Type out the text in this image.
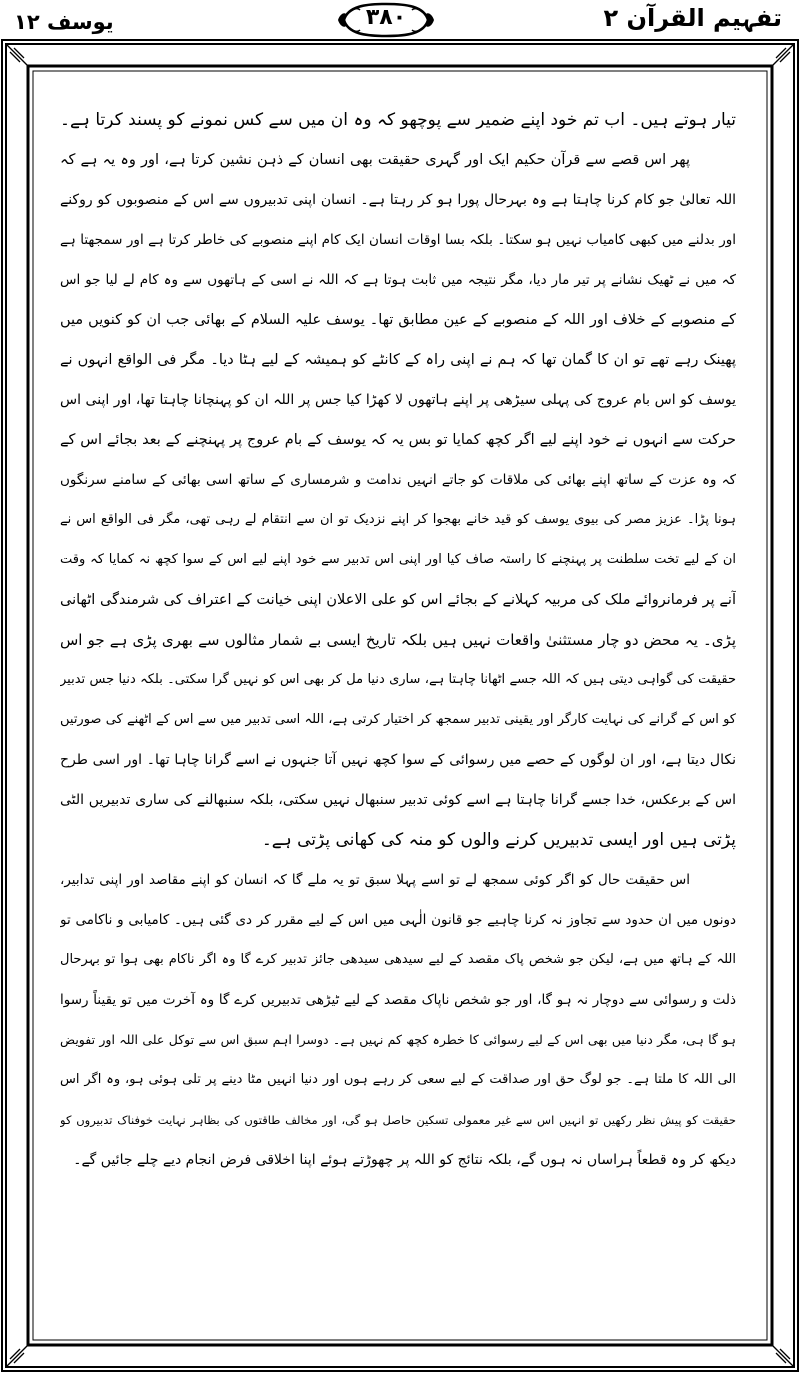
تفہیم القرآن ۲
۳۸۰
یوسف ۱۲
تیار ہوتے ہیں۔ اب تم خود اپنے ضمیر سے پوچھو کہ وہ ان میں سے کس نمونے کو پسند کرتا ہے۔
پھر اس قصے سے قرآن حکیم ایک اور گہری حقیقت بھی انسان کے ذہن نشین کرتا ہے، اور وہ یہ ہے کہ
اللہ تعالیٰ جو کام کرنا چاہتا ہے وہ بہرحال پورا ہو کر رہتا ہے۔ انسان اپنی تدبیروں سے اس کے منصوبوں کو روکنے
اور بدلنے میں کبھی کامیاب نہیں ہو سکتا۔ بلکہ بسا اوقات انسان ایک کام اپنے منصوبے کی خاطر کرتا ہے اور سمجھتا ہے
کہ میں نے ٹھیک نشانے پر تیر مار دیا، مگر نتیجہ میں ثابت ہوتا ہے کہ اللہ نے اسی کے ہاتھوں سے وہ کام لے لیا جو اس
کے منصوبے کے خلاف اور اللہ کے منصوبے کے عین مطابق تھا۔ یوسف علیہ السلام کے بھائی جب ان کو کنویں میں
پھینک رہے تھے تو ان کا گمان تھا کہ ہم نے اپنی راہ کے کانٹے کو ہمیشہ کے لیے ہٹا دیا۔ مگر فی الواقع انہوں نے
یوسف کو اس بام عروج کی پہلی سیڑھی پر اپنے ہاتھوں لا کھڑا کیا جس پر اللہ ان کو پہنچانا چاہتا تھا، اور اپنی اس
حرکت سے انہوں نے خود اپنے لیے اگر کچھ کمایا تو بس یہ کہ یوسف کے بام عروج پر پہنچنے کے بعد بجائے اس کے
کہ وہ عزت کے ساتھ اپنے بھائی کی ملاقات کو جاتے انہیں ندامت و شرمساری کے ساتھ اسی بھائی کے سامنے سرنگوں
ہونا پڑا۔ عزیز مصر کی بیوی یوسف کو قید خانے بھجوا کر اپنے نزدیک تو ان سے انتقام لے رہی تھی، مگر فی الواقع اس نے
ان کے لیے تخت سلطنت پر پہنچنے کا راستہ صاف کیا اور اپنی اس تدبیر سے خود اپنے لیے اس کے سوا کچھ نہ کمایا کہ وقت
آنے پر فرمانروائے ملک کی مربیہ کہلانے کے بجائے اس کو علی الاعلان اپنی خیانت کے اعتراف کی شرمندگی اٹھانی
پڑی۔ یہ محض دو چار مستثنیٰ واقعات نہیں ہیں بلکہ تاریخ ایسی بے شمار مثالوں سے بھری پڑی ہے جو اس
حقیقت کی گواہی دیتی ہیں کہ اللہ جسے اٹھانا چاہتا ہے، ساری دنیا مل کر بھی اس کو نہیں گرا سکتی۔ بلکہ دنیا جس تدبیر
کو اس کے گرانے کی نہایت کارگر اور یقینی تدبیر سمجھ کر اختیار کرتی ہے، اللہ اسی تدبیر میں سے اس کے اٹھنے کی صورتیں
نکال دیتا ہے، اور ان لوگوں کے حصے میں رسوائی کے سوا کچھ نہیں آتا جنہوں نے اسے گرانا چاہا تھا۔ اور اسی طرح
اس کے برعکس، خدا جسے گرانا چاہتا ہے اسے کوئی تدبیر سنبھال نہیں سکتی، بلکہ سنبھالنے کی ساری تدبیریں الٹی
پڑتی ہیں اور ایسی تدبیریں کرنے والوں کو منہ کی کھانی پڑتی ہے۔
اس حقیقت حال کو اگر کوئی سمجھ لے تو اسے پہلا سبق تو یہ ملے گا کہ انسان کو اپنے مقاصد اور اپنی تدابیر،
دونوں میں ان حدود سے تجاوز نہ کرنا چاہیے جو قانون الٰہی میں اس کے لیے مقرر کر دی گئی ہیں۔ کامیابی و ناکامی تو
اللہ کے ہاتھ میں ہے، لیکن جو شخص پاک مقصد کے لیے سیدھی سیدھی جائز تدبیر کرے گا وہ اگر ناکام بھی ہوا تو بہرحال
ذلت و رسوائی سے دوچار نہ ہو گا، اور جو شخص ناپاک مقصد کے لیے ٹیڑھی تدبیریں کرے گا وہ آخرت میں تو یقیناً رسوا
ہو گا ہی، مگر دنیا میں بھی اس کے لیے رسوائی کا خطرہ کچھ کم نہیں ہے۔ دوسرا اہم سبق اس سے توکل علی اللہ اور تفویض
الی اللہ کا ملتا ہے۔ جو لوگ حق اور صداقت کے لیے سعی کر رہے ہوں اور دنیا انہیں مٹا دینے پر تلی ہوئی ہو، وہ اگر اس
حقیقت کو پیش نظر رکھیں تو انہیں اس سے غیر معمولی تسکین حاصل ہو گی، اور مخالف طاقتوں کی بظاہر نہایت خوفناک تدبیروں کو
دیکھ کر وہ قطعاً ہراساں نہ ہوں گے، بلکہ نتائج کو اللہ پر چھوڑتے ہوئے اپنا اخلاقی فرض انجام دیے چلے جائیں گے۔
